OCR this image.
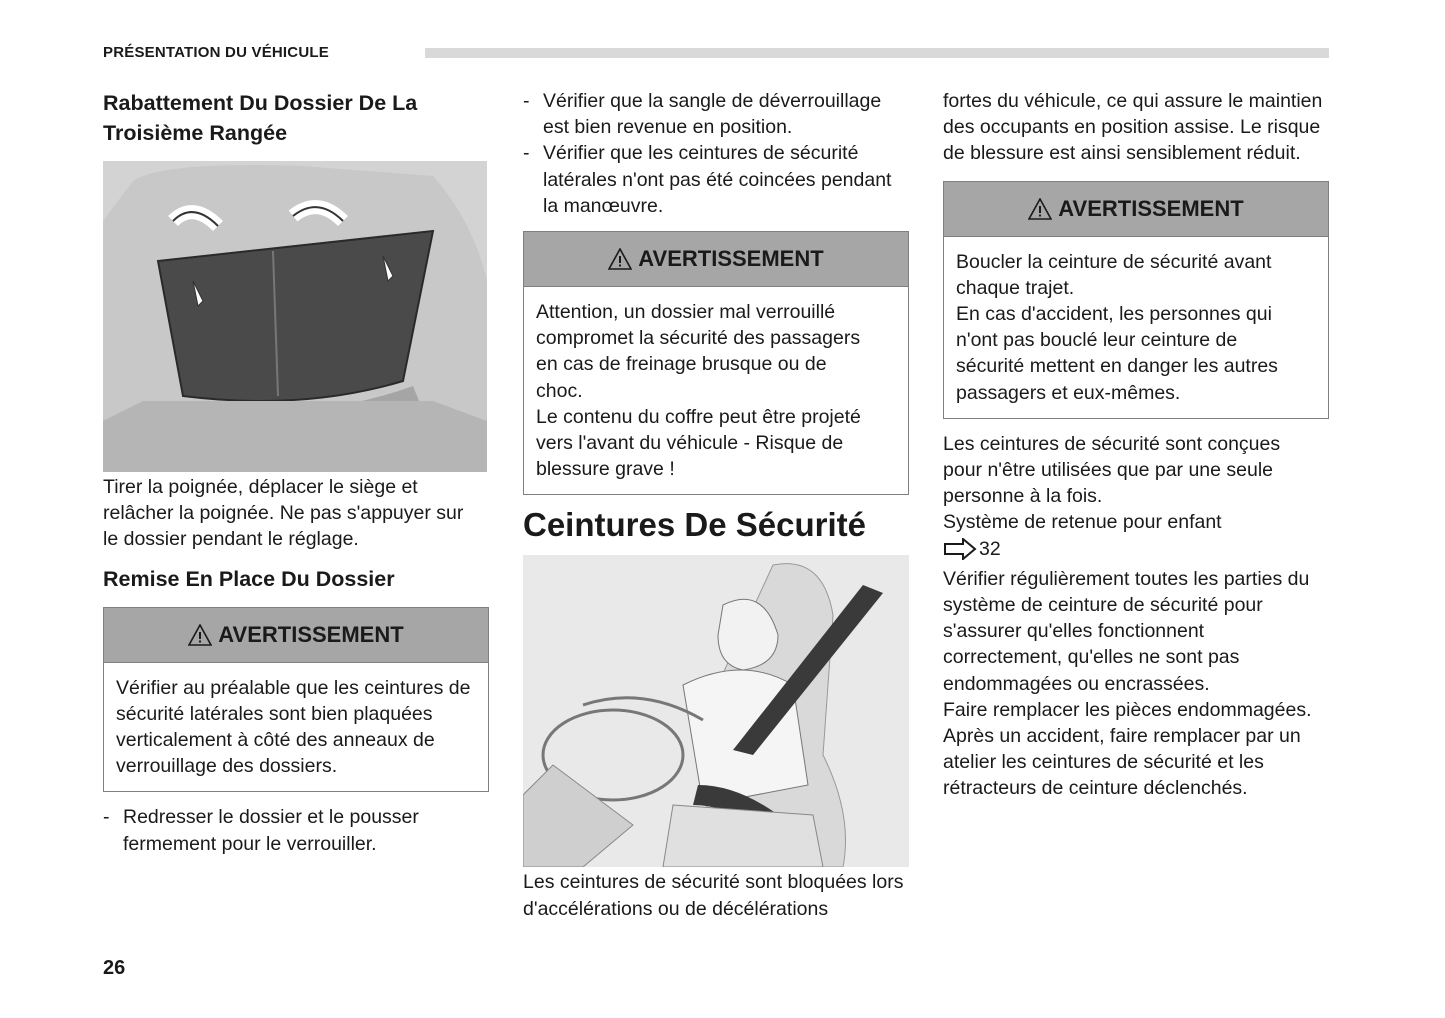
PRÉSENTATION DU VÉHICULE
Rabattement Du Dossier De La Troisième Rangée

Tirer la poignée, déplacer le siège et relâcher la poignée. Ne pas s'appuyer sur le dossier pendant le réglage.

Remise En Place Du Dossier
AVERTISSEMENT
Vérifier au préalable que les ceintures de sécurité latérales sont bien plaquées verticalement à côté des anneaux de verrouillage des dossiers.
- Redresser le dossier et le pousser fermement pour le verrouiller.
- Vérifier que la sangle de déverrouillage est bien revenue en position.
- Vérifier que les ceintures de sécurité latérales n'ont pas été coincées pendant la manœuvre.
AVERTISSEMENT
Attention, un dossier mal verrouillé compromet la sécurité des passagers en cas de freinage brusque ou de choc.
Le contenu du coffre peut être projeté vers l'avant du véhicule - Risque de blessure grave !
Ceintures De Sécurité

Les ceintures de sécurité sont bloquées lors d'accélérations ou de décélérations

fortes du véhicule, ce qui assure le maintien des occupants en position assise. Le risque de blessure est ainsi sensiblement réduit.

AVERTISSEMENT
Boucler la ceinture de sécurité avant chaque trajet.
En cas d'accident, les personnes qui n'ont pas bouclé leur ceinture de sécurité mettent en danger les autres passagers et eux-mêmes.

Les ceintures de sécurité sont conçues pour n'être utilisées que par une seule personne à la fois.

Système de retenue pour enfant

32

Vérifier régulièrement toutes les parties du système de ceinture de sécurité pour s'assurer qu'elles fonctionnent correctement, qu'elles ne sont pas endommagées ou encrassées.

Faire remplacer les pièces endommagées. Après un accident, faire remplacer par un atelier les ceintures de sécurité et les rétracteurs de ceinture déclenchés.

26
